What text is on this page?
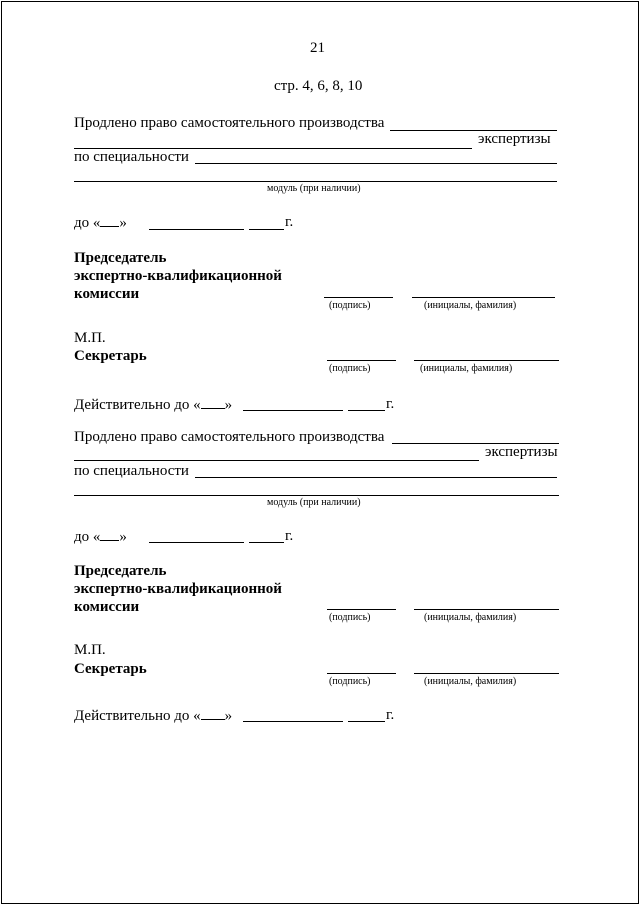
21
стр. 4, 6, 8, 10
Продлено право самостоятельного производства
экспертизы
по специальности
модуль (при наличии)
до « »	г.
Председатель
экспертно-квалификационной
комиссии
(подпись)	(инициалы, фамилия)
М.П.
Секретарь
(подпись)	(инициалы, фамилия)
Действительно до « »	г.
Продлено право самостоятельного производства
экспертизы
по специальности
модуль (при наличии)
до « »	г.
Председатель
экспертно-квалификационной
комиссии
(подпись)	(инициалы, фамилия)
М.П.
Секретарь
(подпись)	(инициалы, фамилия)
Действительно до « »	г.
